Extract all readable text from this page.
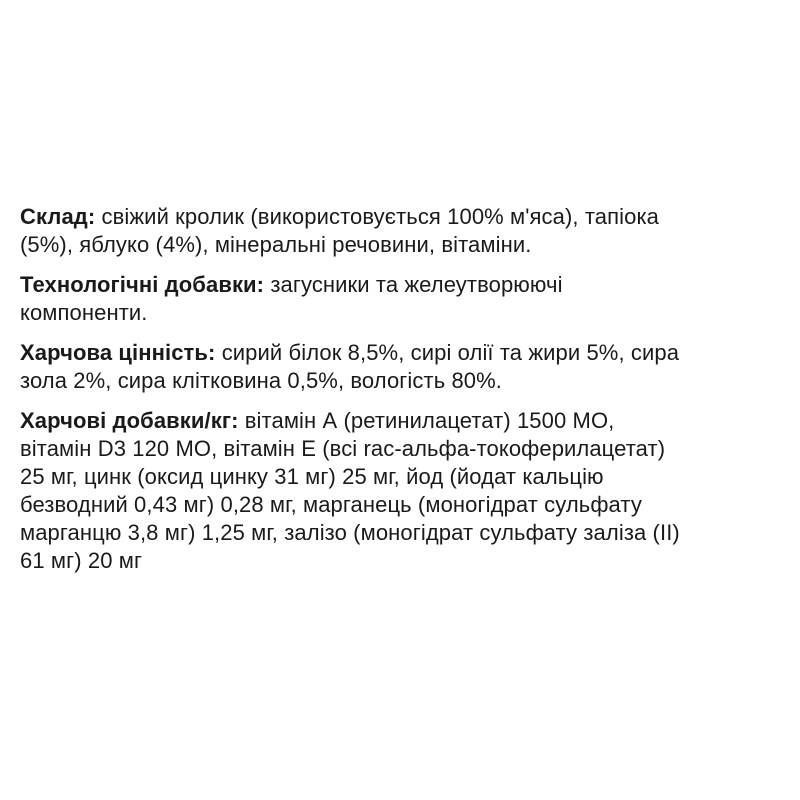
Склад: свіжий кролик (використовується 100% м'яса), тапіока
(5%), яблуко (4%), мінеральні речовини, вітаміни.

Технологічні добавки: загусники та желеутворюючі
компоненти.

Харчова цінність: сирий білок 8,5%, сирі олії та жири 5%, сира
зола 2%, сира клітковина 0,5%, вологість 80%.

Харчові добавки/кг: вітамін А (ретинилацетат) 1500 МО,
вітамін D3 120 МО, вітамін Е (всі rac-альфа-токоферилацетат)
25 мг, цинк (оксид цинку 31 мг) 25 мг, йод (йодат кальцію
безводний 0,43 мг) 0,28 мг, марганець (моногідрат сульфату
марганцю 3,8 мг) 1,25 мг, залізо (моногідрат сульфату заліза (ІІ)
61 мг) 20 мг
